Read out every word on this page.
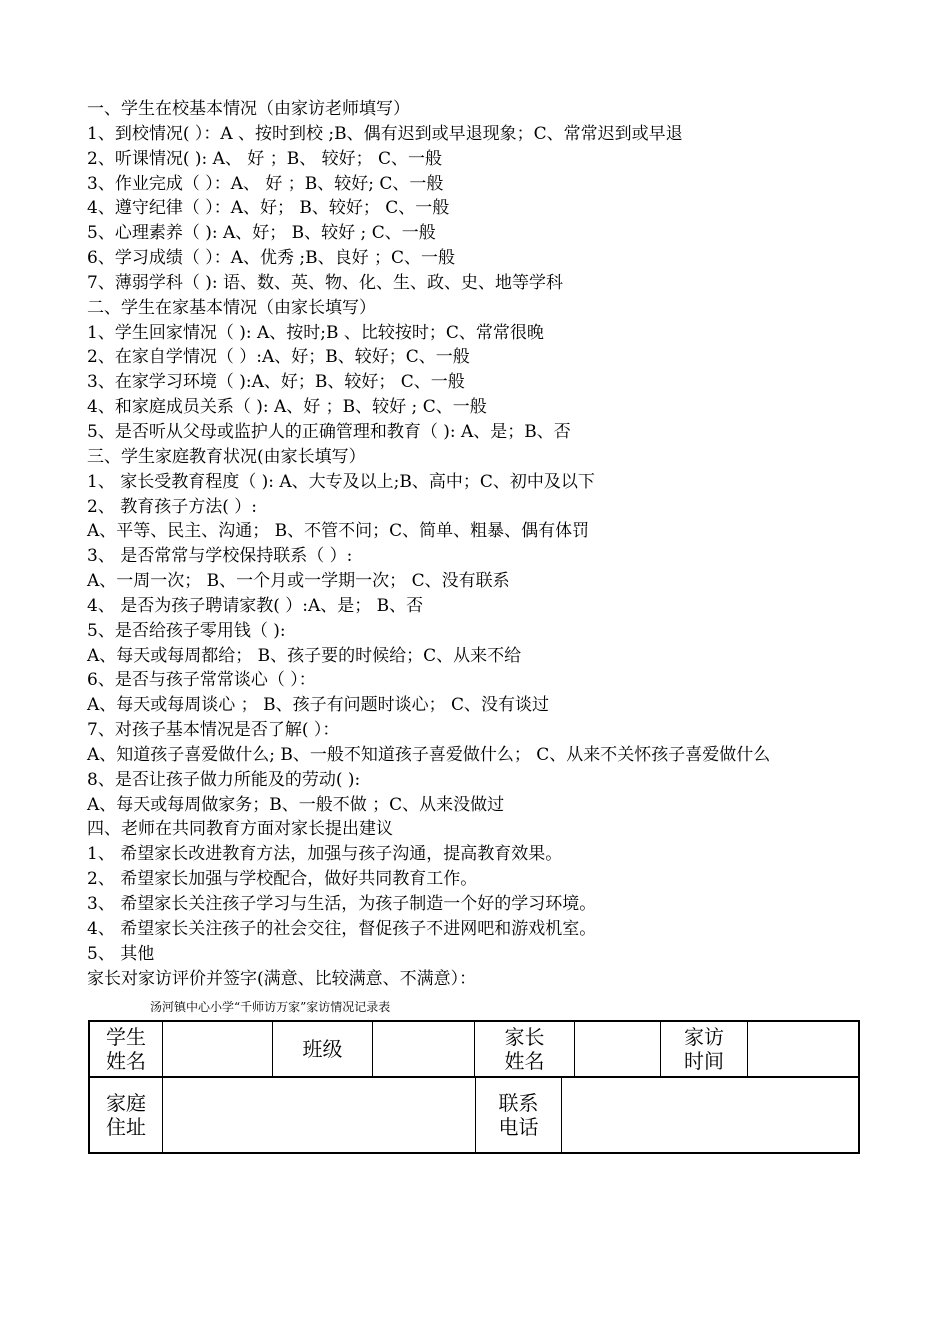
一、学生在校基本情况（由家访老师填写）
1、到校情况( ）：A 、按时到校 ;B、偶有迟到或早退现象；C、常常迟到或早退
2、听课情况( ): A、 好 ；B、 较好； C、一般
3、作业完成（ ）：A、 好 ；B、较好; C、一般
4、遵守纪律（ ）：A、好； B、较好； C、一般
5、心理素养（ ): A、好； B、较好 ; C、一般
6、学习成绩（ ）：A、优秀 ;B、良好 ；C、一般
7、薄弱学科（ ): 语、数、英、物、化、生、政、史、地等学科
二、学生在家基本情况（由家长填写）
1、学生回家情况（ ): A、按时;B 、比较按时；C、常常很晚
2、在家自学情况（ ）:A、好；B、较好；C、一般
3、在家学习环境（ ):A、好；B、较好； C、一般
4、和家庭成员关系（ ): A、好 ；B、较好 ; C、一般
5、是否听从父母或监护人的正确管理和教育（ ): A、是；B、否
三、学生家庭教育状况(由家长填写）
1、 家长受教育程度（ ): A、大专及以上;B、高中；C、初中及以下
2、 教育孩子方法( ）:
A、平等、民主、沟通； B、不管不问；C、简单、粗暴、偶有体罚
3、 是否常常与学校保持联系（ ）:
A、一周一次； B、一个月或一学期一次； C、没有联系
4、 是否为孩子聘请家教( ）:A、是； B、否
5、是否给孩子零用钱（ ):
A、每天或每周都给； B、孩子要的时候给；C、从来不给
6、是否与孩子常常谈心（ ）：
A、每天或每周谈心 ； B、孩子有问题时谈心； C、没有谈过
7、对孩子基本情况是否了解( ）：
A、知道孩子喜爱做什么; B、一般不知道孩子喜爱做什么； C、从来不关怀孩子喜爱做什么
8、是否让孩子做力所能及的劳动( ):
A、每天或每周做家务；B、一般不做 ；C、从来没做过
四、老师在共同教育方面对家长提出建议
1、 希望家长改进教育方法，加强与孩子沟通，提高教育效果。
2、 希望家长加强与学校配合，做好共同教育工作。
3、 希望家长关注孩子学习与生活，为孩子制造一个好的学习环境。
4、 希望家长关注孩子的社会交往，督促孩子不进网吧和游戏机室。
5、 其他
家长对家访评价并签字(满意、比较满意、不满意）：
汤河镇中心小学“千师访万家”家访情况记录表
学生
姓名	班级	家长
姓名
家访
时间
家庭
住址
联系
电话
